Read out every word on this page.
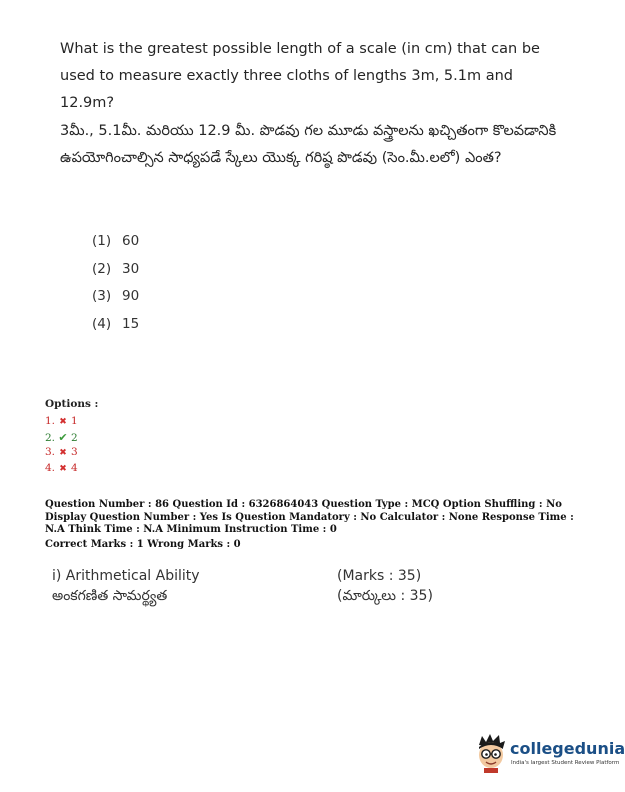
What is the greatest possible length of a scale (in cm) that can be used to measure exactly three cloths of lengths 3m, 5.1m and 12.9m?
3మీ., 5.1మీ. మరియు 12.9 మీ. పొడవు గల మూడు వస్త్రాలను ఖచ్చితంగా కొలవడానికి ఉపయోగించాల్సిన సాధ్యపడే స్కేలు యొక్క గరిష్ఠ పొడవు (సెం.మీ.లలో) ఎంత?
(1) 60
(2) 30
(3) 90
(4) 15
Options :
1. ✖ 1
2. ✔ 2
3. ✖ 3
4. ✖ 4
Question Number : 86 Question Id : 6326864043 Question Type : MCQ Option Shuffling : No Display Question Number : Yes Is Question Mandatory : No Calculator : None Response Time : N.A Think Time : N.A Minimum Instruction Time : 0
Correct Marks : 1 Wrong Marks : 0
i) Arithmetical Ability	(Marks : 35)
అంకగణిత సామర్థ్యత	(మార్కులు : 35)
collegedunia
India's largest Student Review Platform
